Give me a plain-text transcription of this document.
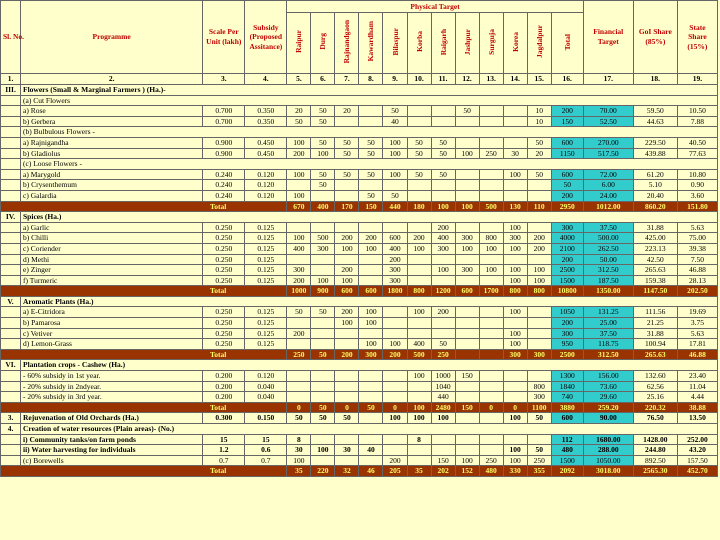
Sl. No.	Programme	Scale Per Unit (lakh)	Subsidy (Proposed Assitance)	Physical Target												Financial Target	GoI Share (85%)	State Share (15%)
				Raipur	Durg	Rajnandgaon	Kawardham	Bilaspur	Korba	Raigarh	Jashpur	Surguja	Korea	Jagdalpur	Total			
1.	2.	3.	4.	5.	6.	7.	8.	9.	10.	11.	12.	13.	14.	15.	16.	17.	18.	19.
III.	Flowers (Small & Marginal Farmers ) (Ha.)-																	
	(a) Cut Flowers																	
	a) Rose	0.700	0.350	20	50	20		50			50			10	200	70.00	59.50	10.50
	b) Gerbera	0.700	0.350	50	50			40						10	150	52.50	44.63	7.88
	(b) Bulbulous Flowers -																	
	a) Rajnigandha	0.900	0.450	100	50	50	50	100	50	50				50	600	270.00	229.50	40.50
	b) Gladiolus	0.900	0.450	200	100	50	50	100	50	50	100	250	30	20	1150	517.50	439.88	77.63
	(c) Loose Flowers -																	
	a) Marygold	0.240	0.120	100	50	50	50	100	50	50			100	50	600	72.00	61.20	10.80
	b) Crysenthemum	0.240	0.120		50										50	6.00	5.10	0.90
	c) Galardia	0.240	0.120	100			50	50							200	24.00	20.40	3.60
Total				670	400	170	150	440	180	100	100	500	130	110	2950	1012.00	860.20	151.80
IV.	Spices (Ha.)																	
	a) Garlic	0.250	0.125							200			100		300	37.50	31.88	5.63
	b) Chilli	0.250	0.125	100	500	200	200	600	200	400	300	800	300	200	4000	500.00	425.00	75.00
	c) Coriender	0.250	0.125	400	300	100	100	400	100	300	100	100	100	200	2100	262.50	223.13	39.38
	d) Methi	0.250	0.125					200							200	50.00	42.50	7.50
	e) Zinger	0.250	0.125	300		200		300		100	300	100	100	100	2500	312.50	265.63	46.88
	f) Turmeric	0.250	0.125	200	100	100		300					100	100	1500	187.50	159.38	28.13
Total				1000	900	600	600	1800	800	1200	600	1700	800	800	10800	1350.00	1147.50	202.50
V.	Aromatic Plants (Ha.)																	
	a) E-Citridora	0.250	0.125	50	50	200	100		100	200			100		1050	131.25	111.56	19.69
	b) Pamarosa	0.250	0.125			100	100								200	25.00	21.25	3.75
	c) Vetiver	0.250	0.125	200									100		300	37.50	31.88	5.63
	d) Lemon-Grass	0.250	0.125				100	100	400	50			100		950	118.75	100.94	17.81
Total				250	50	200	300	200	500	250			300	300	2500	312.50	265.63	46.88
VI.	Plantation crops - Cashew (Ha.)																	
	- 60% subsidy in 1st year.	0.200	0.120						100	1000	150				1300	156.00	132.60	23.40
	- 20% subsidy in 2ndyear.	0.200	0.040							1040				800	1840	73.60	62.56	11.04
	- 20% subsidy in 3rd year.	0.200	0.040							440				300	740	29.60	25.16	4.44
Total				0	50	0	50	0	100	2480	150	0	0	1100	3880	259.20	220.32	38.88
3.	Rejuvenation of Old Orchards (Ha.)	0.300	0.150	50	50	50		100	100	100			100	50	600	90.00	76.50	13.50
4.	Creation of water resources (Plain areas)- (No.)																	
	i) Community tanks/on farm ponds	15	15	8					8						112	1680.00	1428.00	252.00
	ii) Water harvesting for individuals	1.2	0.6	30	100	30	40						100	50	480	288.00	244.80	43.20
	(c) Borewells	0.7	0.7	100				200		150	100	250	100	250	1500	1050.00	892.50	157.50
Total				35	220	32	46	205	35	202	152	480	330	355	2092	3018.00	2565.30	452.70
